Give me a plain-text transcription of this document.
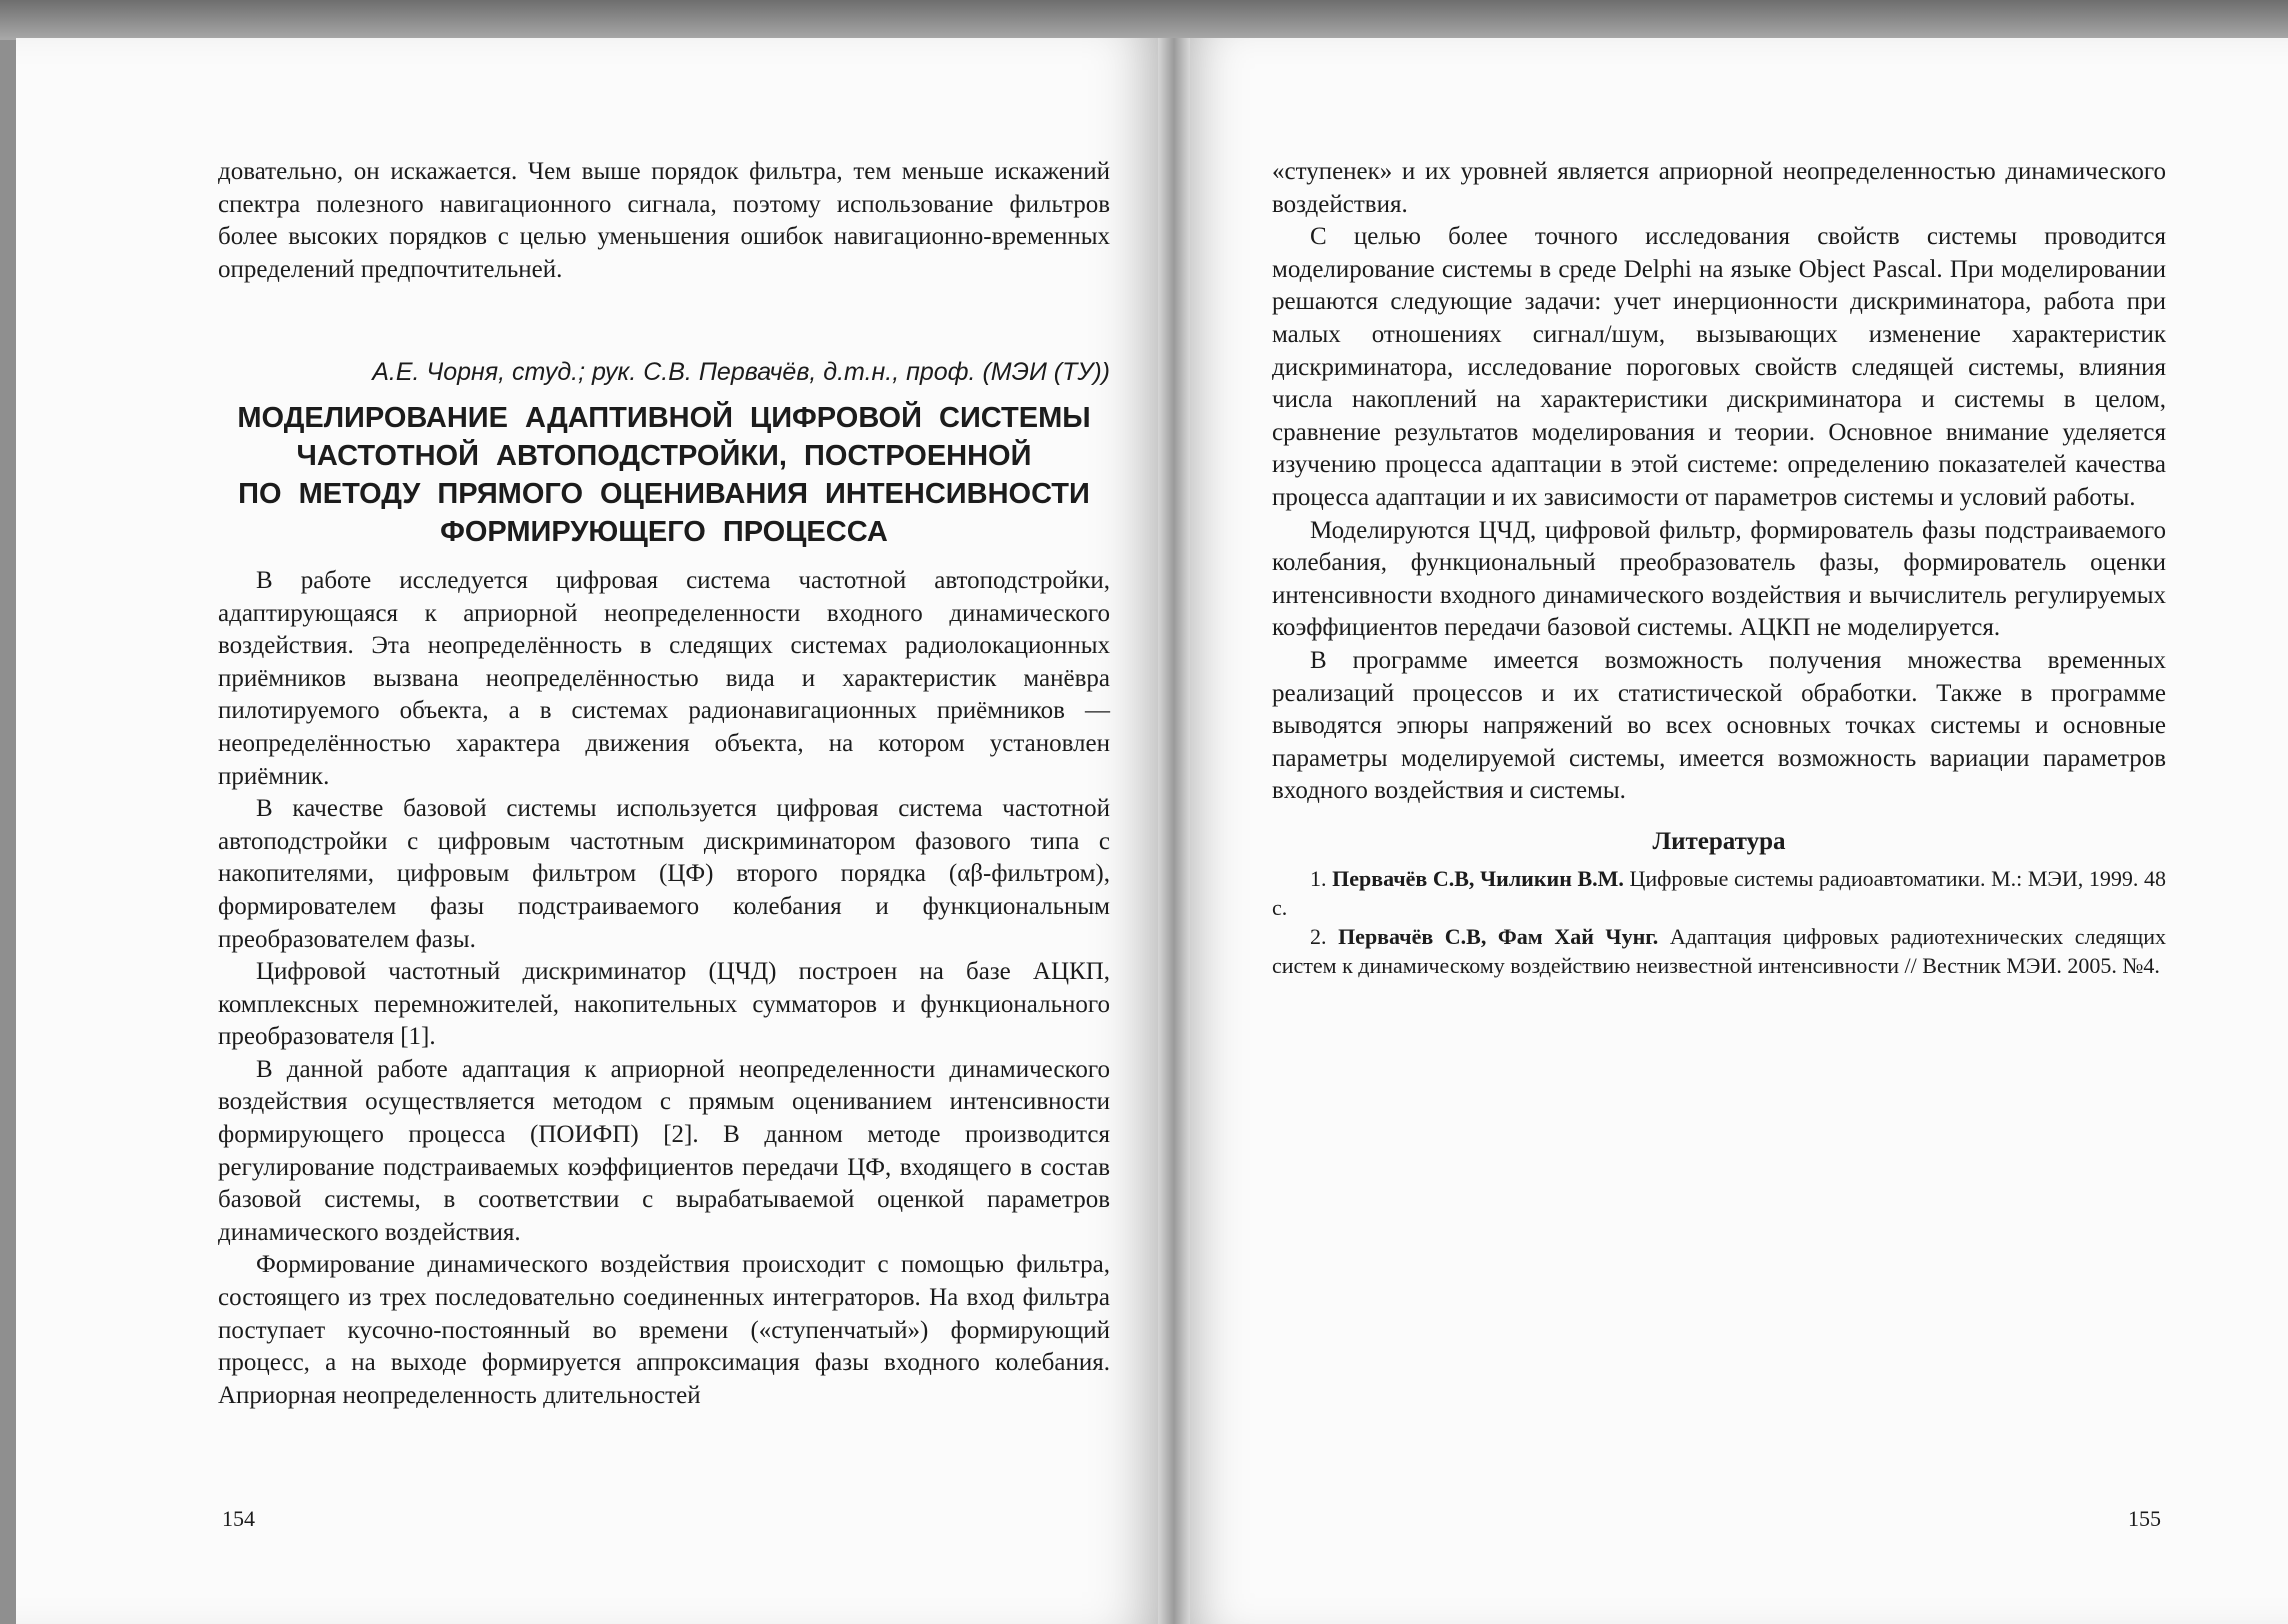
довательно, он искажается. Чем выше порядок фильтра, тем меньше искажений спектра полезного навигационного сигнала, поэтому использование фильтров более высоких порядков с целью уменьшения ошибок навигационно-временных определений предпочтительней.

А.Е. Чорня, студ.; рук. С.В. Первачёв, д.т.н., проф. (МЭИ (ТУ))
МОДЕЛИРОВАНИЕ АДАПТИВНОЙ ЦИФРОВОЙ СИСТЕМЫ
ЧАСТОТНОЙ АВТОПОДСТРОЙКИ, ПОСТРОЕННОЙ
ПО МЕТОДУ ПРЯМОГО ОЦЕНИВАНИЯ ИНТЕНСИВНОСТИ
ФОРМИРУЮЩЕГО ПРОЦЕССА

В работе исследуется цифровая система частотной автоподстройки, адаптирующаяся к априорной неопределенности входного динамического воздействия. Эта неопределённость в следящих системах радиолокационных приёмников вызвана неопределённостью вида и характеристик манёвра пилотируемого объекта, а в системах радионавигационных приёмников — неопределённостью характера движения объекта, на котором установлен приёмник.

В качестве базовой системы используется цифровая система частотной автоподстройки с цифровым частотным дискриминатором фазового типа с накопителями, цифровым фильтром (ЦФ) второго порядка (αβ-фильтром), формирователем фазы подстраиваемого колебания и функциональным преобразователем фазы.

Цифровой частотный дискриминатор (ЦЧД) построен на базе АЦКП, комплексных перемножителей, накопительных сумматоров и функционального преобразователя [1].

В данной работе адаптация к априорной неопределенности динамического воздействия осуществляется методом с прямым оцениванием интенсивности формирующего процесса (ПОИФП) [2]. В данном методе производится регулирование подстраиваемых коэффициентов передачи ЦФ, входящего в состав базовой системы, в соответствии с вырабатываемой оценкой параметров динамического воздействия.

Формирование динамического воздействия происходит с помощью фильтра, состоящего из трех последовательно соединенных интеграторов. На вход фильтра поступает кусочно-постоянный во времени («ступенчатый») формирующий процесс, а на выходе формируется аппроксимация фазы входного колебания. Априорная неопределенность длительностей

«ступенек» и их уровней является априорной неопределенностью динамического воздействия.

С целью более точного исследования свойств системы проводится моделирование системы в среде Delphi на языке Object Pascal. При моделировании решаются следующие задачи: учет инерционности дискриминатора, работа при малых отношениях сигнал/шум, вызывающих изменение характеристик дискриминатора, исследование пороговых свойств следящей системы, влияния числа накоплений на характеристики дискриминатора и системы в целом, сравнение результатов моделирования и теории. Основное внимание уделяется изучению процесса адаптации в этой системе: определению показателей качества процесса адаптации и их зависимости от параметров системы и условий работы.

Моделируются ЦЧД, цифровой фильтр, формирователь фазы подстраиваемого колебания, функциональный преобразователь фазы, формирователь оценки интенсивности входного динамического воздействия и вычислитель регулируемых коэффициентов передачи базовой системы. АЦКП не моделируется.

В программе имеется возможность получения множества временных реализаций процессов и их статистической обработки. Также в программе выводятся эпюры напряжений во всех основных точках системы и основные параметры моделируемой системы, имеется возможность вариации параметров входного воздействия и системы.

Литература

1. Первачёв С.В, Чиликин В.М. Цифровые системы радиоавтоматики. М.: МЭИ, 1999. 48 с.

2. Первачёв С.В, Фам Хай Чунг. Адаптация цифровых радиотехнических следящих систем к динамическому воздействию неизвестной интенсивности // Вестник МЭИ. 2005. №4.

154	155
